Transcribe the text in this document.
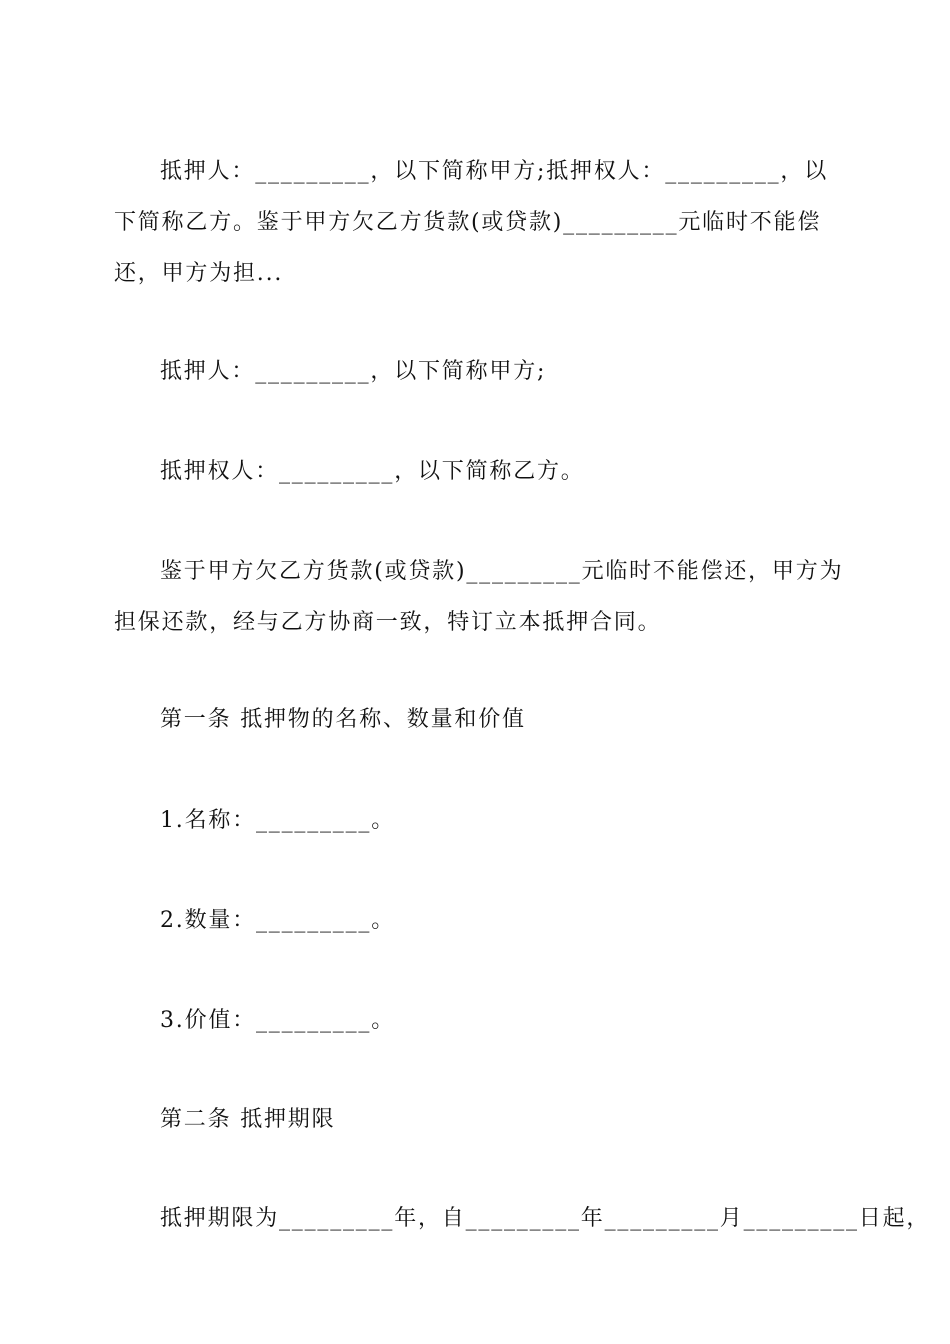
抵押人：_________，以下简称甲方;抵押权人：_________，以下简称乙方。鉴于甲方欠乙方货款(或贷款)_________元临时不能偿还，甲方为担...

抵押人：_________，以下简称甲方;

抵押权人：_________，以下简称乙方。

鉴于甲方欠乙方货款(或贷款)_________元临时不能偿还，甲方为担保还款，经与乙方协商一致，特订立本抵押合同。

第一条 抵押物的名称、数量和价值

1.名称：_________。

2.数量：_________。

3.价值：_________。

第二条 抵押期限

抵押期限为_________年，自_________年_________月_________日起，
